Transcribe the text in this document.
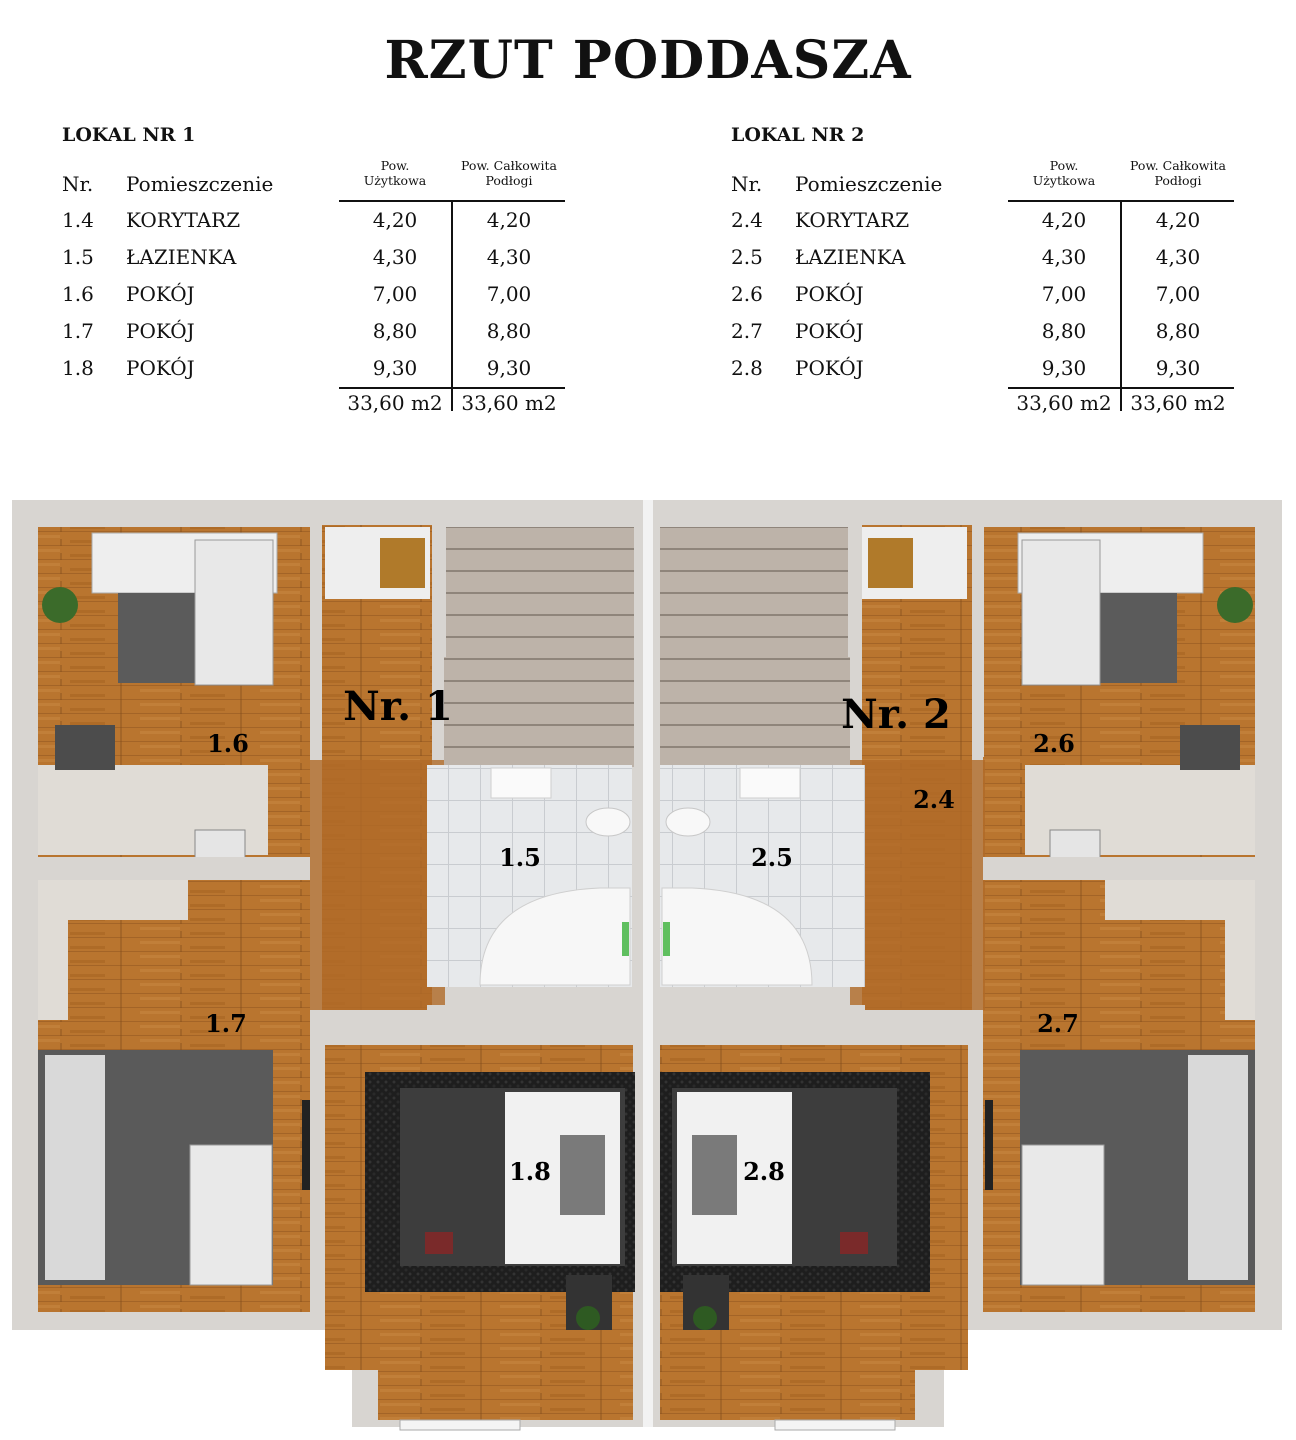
RZUT PODDASZA
LOKAL NR 1
Nr. Pomieszczenie
Pow.
Użytkowa
Pow. Całkowita
Podłogi
1.4 KORYTARZ	4,20	4,20
1.5 ŁAZIENKA	4,30	4,30
1.6 POKÓJ	7,00	7,00
1.7 POKÓJ	8,80	8,80
1.8 POKÓJ	9,30	9,30
33,60 m2 33,60 m2
LOKAL NR 2
Nr. Pomieszczenie
Pow.
Użytkowa
Pow. Całkowita
Podłogi
2.4 KORYTARZ	4,20	4,20
2.5 ŁAZIENKA	4,30	4,30
2.6 POKÓJ	7,00	7,00
2.7 POKÓJ	8,80	8,80
2.8 POKÓJ	9,30	9,30
33,60 m2 33,60 m2
Nr. 1	Nr. 2
1.6
1.7
1.5
1.8
2.6
2.7
2.5
2.8
2.4
